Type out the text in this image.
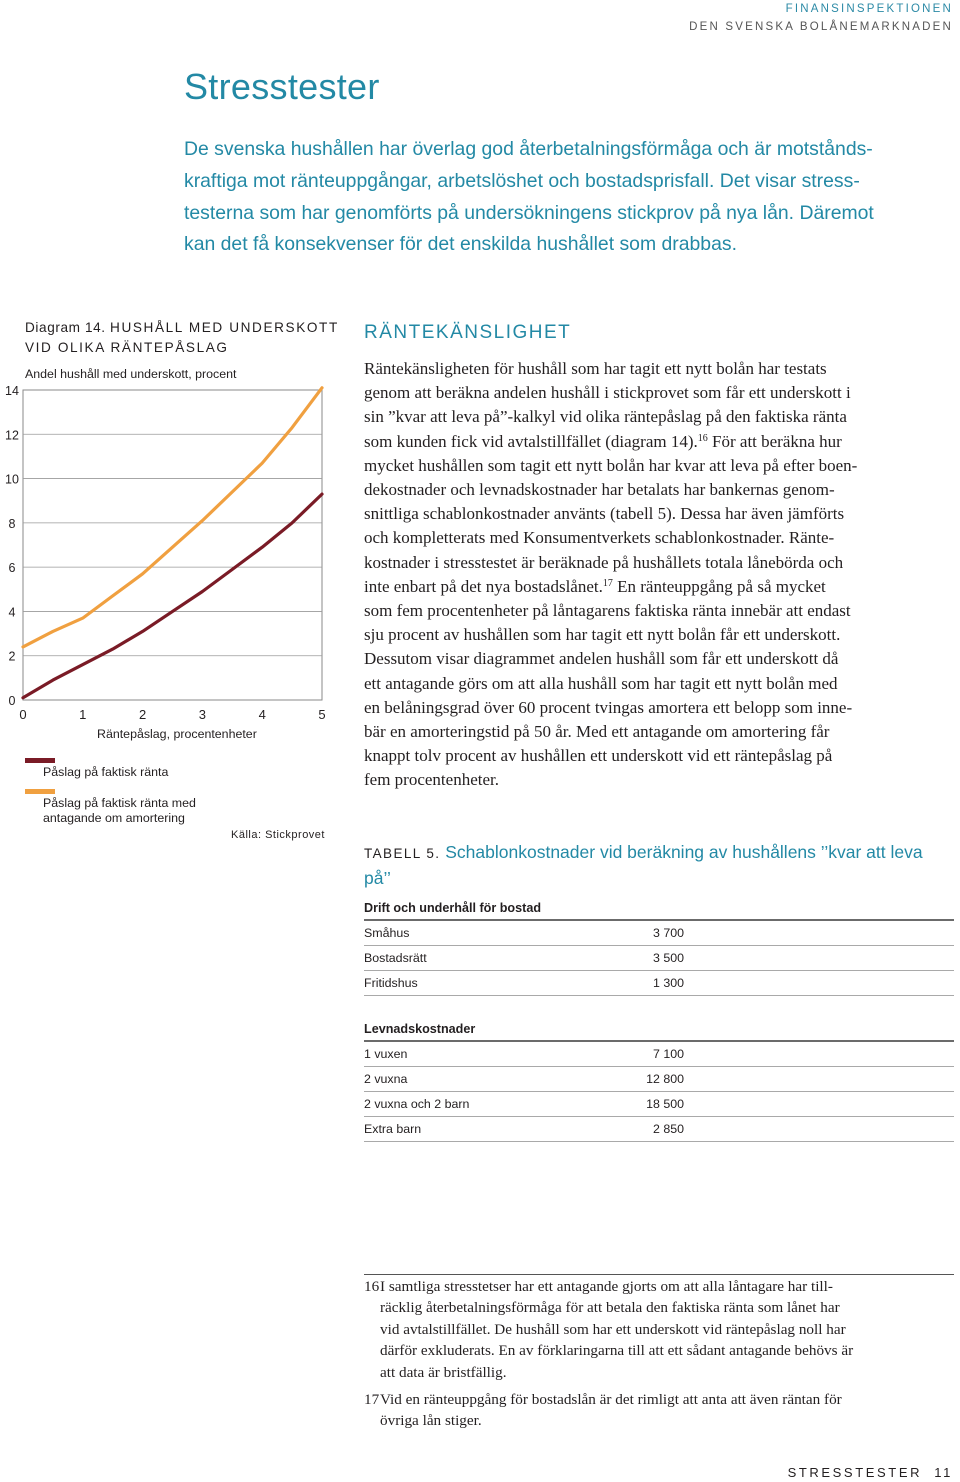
FINANSINSPEKTIONEN
DEN SVENSKA BOLÅNEMARKNADEN
Stresstester
De svenska hushållen har överlag god återbetalningsförmåga och är motstånds-
kraftiga mot ränteuppgångar, arbetslöshet och bostadsprisfall. Det visar stress-
testerna som har genomförts på undersökningens stickprov på nya lån. Däremot
kan det få konsekvenser för det enskilda hushållet som drabbas.
Diagram 14. HUSHÅLL MED UNDERSKOTT
VID OLIKA RÄNTEPÅSLAG
Andel hushåll med underskott, procent
0
2
4
6
8
10
12
14
0	1	2	3	4	5
Räntepåslag, procentenheter
Påslag på faktisk ränta
Påslag på faktisk ränta med
antagande om amortering
Källa: Stickprovet
RÄNTEKÄNSLIGHET
Räntekänsligheten för hushåll som har tagit ett nytt bolån har testats
genom att beräkna andelen hushåll i stickprovet som får ett underskott i
sin ”kvar att leva på”-kalkyl vid olika räntepåslag på den faktiska ränta
som kunden fick vid avtalstillfället (diagram 14).$^{16}$ För att beräkna hur
mycket hushållen som tagit ett nytt bolån har kvar att leva på efter boen-
dekostnader och levnadskostnader har betalats har bankernas genom-
snittliga schablonkostnader använts (tabell 5). Dessa har även jämförts
och kompletterats med Konsumentverkets schablonkostnader. Ränte-
kostnader i stresstestet är beräknade på hushållets totala lånebörda och
inte enbart på det nya bostadslånet.$^{17}$ En ränteuppgång på så mycket
som fem procentenheter på låntagarens faktiska ränta innebär att endast
sju procent av hushållen som har tagit ett nytt bolån får ett underskott.
Dessutom visar diagrammet andelen hushåll som får ett underskott då
ett antagande görs om att alla hushåll som har tagit ett nytt bolån med
en belåningsgrad över 60 procent tvingas amortera ett belopp som inne-
bär en amorteringstid på 50 år. Med ett antagande om amortering får
knappt tolv procent av hushållen ett underskott vid ett räntepåslag på
fem procentenheter.
TABELL 5. Schablonkostnader vid beräkning av hushållens ’’kvar att leva
på’’
Drift och underhåll för bostad
Småhus	3 700
Bostadsrätt	3 500
Fritidshus	1 300
Levnadskostnader
1 vuxen	7 100
2 vuxna	12 800
2 vuxna och 2 barn	18 500
Extra barn	2 850
16 I samtliga stresstetser har ett antagande gjorts om att alla låntagare har till-
räcklig återbetalningsförmåga för att betala den faktiska ränta som lånet har
vid avtalstillfället. De hushåll som har ett underskott vid räntepåslag noll har
därför exkluderats. En av förklaringarna till att ett sådant antagande behövs är
att data är bristfällig.
17 Vid en ränteuppgång för bostadslån är det rimligt att anta att även räntan för
övriga lån stiger.
STRESSTESTER 11
